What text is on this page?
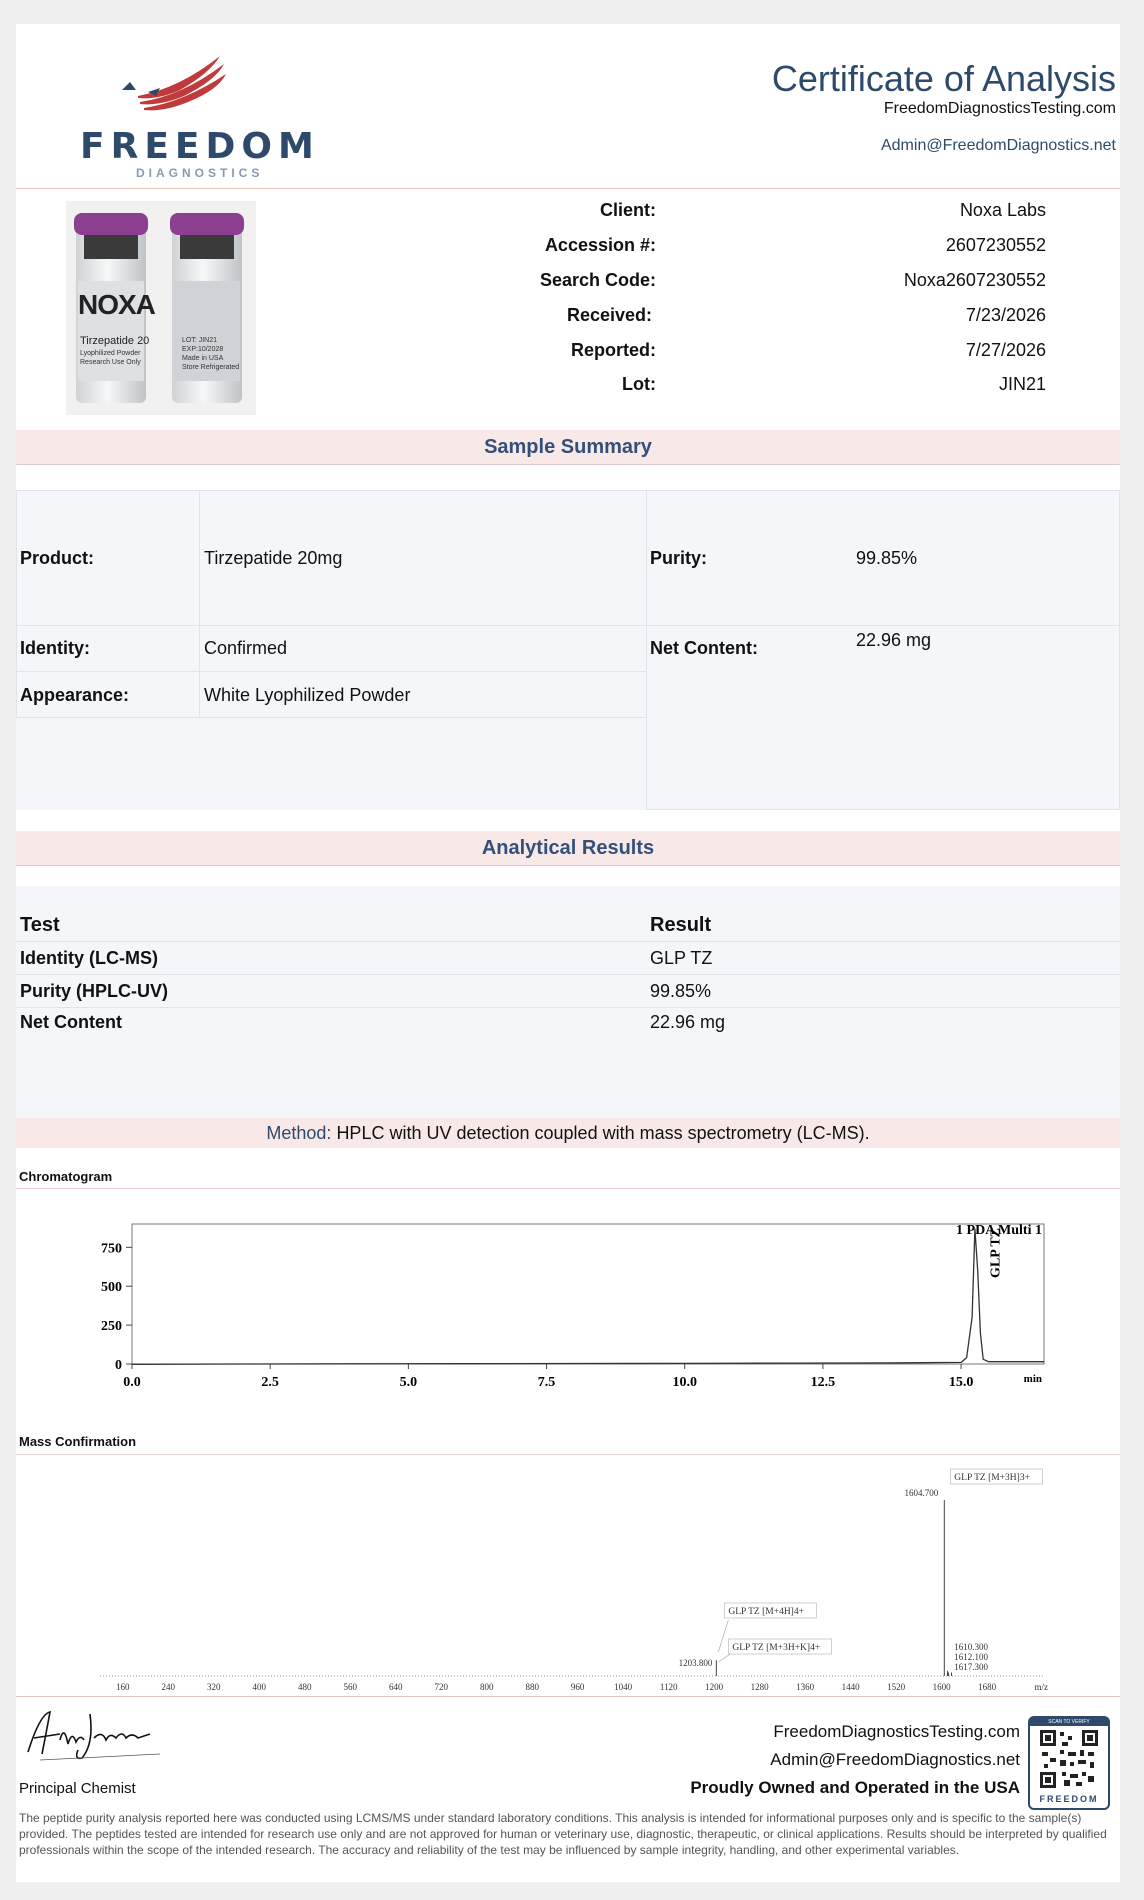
FREEDOM
DIAGNOSTICS
Certificate of Analysis
FreedomDiagnosticsTesting.com
Admin@FreedomDiagnostics.net
NOXA
Tirzepatide 20
Lyophilized Powder
Research Use Only
LOT: JIN21
EXP:10/2028
Made in USA
Store Refrigerated
Client:	Noxa Labs
Accession #:	2607230552
Search Code:	Noxa2607230552
Received:	7/23/2026
Reported:	7/27/2026
Lot:	JIN21
Sample Summary
Product:	Tirzepatide 20mg	Purity:	99.85%
Identity:	Confirmed	Net Content:	22.96 mg
Appearance:	White Lyophilized Powder
Analytical Results
Test	Result
Identity (LC-MS)	GLP TZ
Purity (HPLC-UV)	99.85%
Net Content	22.96 mg
Method: HPLC with UV detection coupled with mass spectrometry (LC-MS).
Chromatogram
0
250
500
750
0.0	2.5	5.0	7.5	10.0	12.5	15.0	min
1 PDA Multi 1
GLP TZ
Mass Confirmation
160	240	320	400	480	560	640	720	800	880	960	1040	1120	1200	1280	1360	1440	1520	1600	1680	m/z
GLP TZ [M+3H]3+
1604.700
GLP TZ [M+4H]4+
GLP TZ [M+3H+K]4+
1203.800
1610.300
1612.100
1617.300
Principal Chemist
FreedomDiagnosticsTesting.com
Admin@FreedomDiagnostics.net
Proudly Owned and Operated in the USA
SCAN TO VERIFY
FREEDOM
The peptide purity analysis reported here was conducted using LCMS/MS under standard laboratory conditions. This analysis is intended for informational purposes only and is specific to the sample(s) provided. The peptides tested are intended for research use only and are not approved for human or veterinary use, diagnostic, therapeutic, or clinical applications. Results should be interpreted by qualified professionals within the scope of the intended research. The accuracy and reliability of the test may be influenced by sample integrity, handling, and other experimental variables.
